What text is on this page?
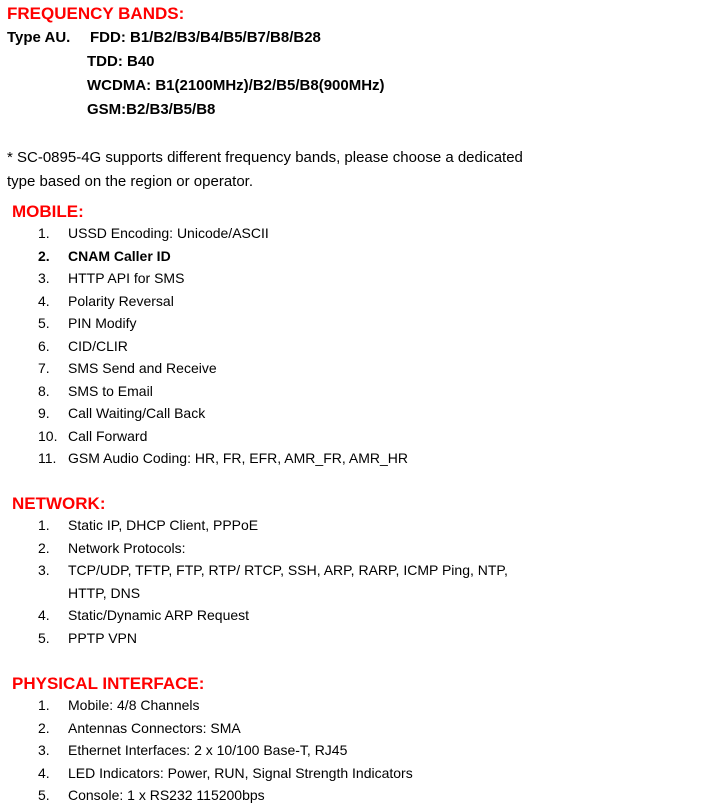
FREQUENCY BANDS:
Type AU. FDD: B1/B2/B3/B4/B5/B7/B8/B28
TDD: B40
WCDMA: B1(2100MHz)/B2/B5/B8(900MHz)
GSM:B2/B3/B5/B8
* SC-0895-4G supports different frequency bands, please choose a dedicated
type based on the region or operator.
MOBILE:
1. USSD Encoding: Unicode/ASCII
2. CNAM Caller ID
3. HTTP API for SMS
4. Polarity Reversal
5. PIN Modify
6. CID/CLIR
7. SMS Send and Receive
8. SMS to Email
9. Call Waiting/Call Back
10. Call Forward
11. GSM Audio Coding: HR, FR, EFR, AMR_FR, AMR_HR
NETWORK:
1. Static IP, DHCP Client, PPPoE
2. Network Protocols:
3. TCP/UDP, TFTP, FTP, RTP/ RTCP, SSH, ARP, RARP, ICMP Ping, NTP, HTTP, DNS
4. Static/Dynamic ARP Request
5. PPTP VPN
PHYSICAL INTERFACE:
1. Mobile: 4/8 Channels
2. Antennas Connectors: SMA
3. Ethernet Interfaces: 2 x 10/100 Base-T, RJ45
4. LED Indicators: Power, RUN, Signal Strength Indicators
5. Console: 1 x RS232 115200bps
